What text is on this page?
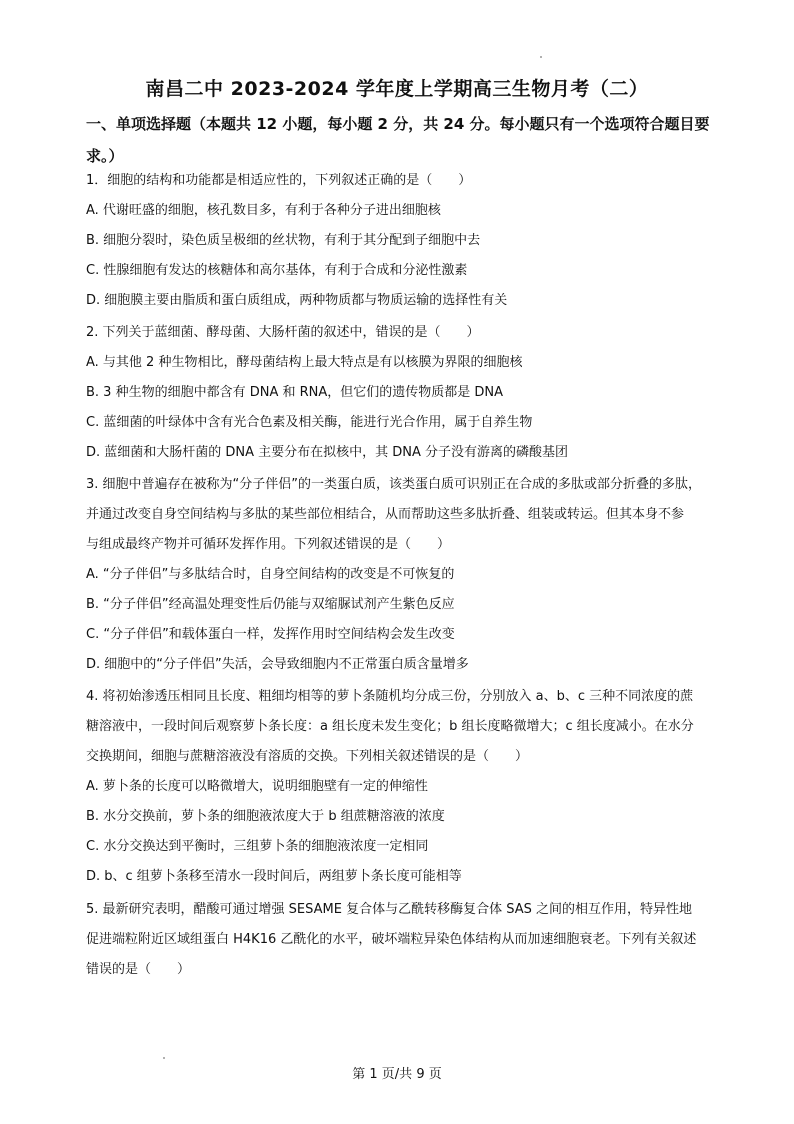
南昌二中 2023-2024 学年度上学期高三生物月考（二）
一、单项选择题（本题共 12 小题，每小题 2 分，共 24 分。每小题只有一个选项符合题目要
求。）
1．细胞的结构和功能都是相适应性的，下列叙述正确的是（　　）
A. 代谢旺盛的细胞，核孔数目多，有利于各种分子进出细胞核
B. 细胞分裂时，染色质呈极细的丝状物，有利于其分配到子细胞中去
C. 性腺细胞有发达的核糖体和高尔基体，有利于合成和分泌性激素
D. 细胞膜主要由脂质和蛋白质组成，两种物质都与物质运输的选择性有关
2. 下列关于蓝细菌、酵母菌、大肠杆菌的叙述中，错误的是（　　）
A. 与其他 2 种生物相比，酵母菌结构上最大特点是有以核膜为界限的细胞核
B. 3 种生物的细胞中都含有 DNA 和 RNA，但它们的遗传物质都是 DNA
C. 蓝细菌的叶绿体中含有光合色素及相关酶，能进行光合作用，属于自养生物
D. 蓝细菌和大肠杆菌的 DNA 主要分布在拟核中，其 DNA 分子没有游离的磷酸基团
3. 细胞中普遍存在被称为“分子伴侣”的一类蛋白质，该类蛋白质可识别正在合成的多肽或部分折叠的多肽，
并通过改变自身空间结构与多肽的某些部位相结合，从而帮助这些多肽折叠、组装或转运。但其本身不参
与组成最终产物并可循环发挥作用。下列叙述错误的是（　　）
A. “分子伴侣”与多肽结合时，自身空间结构的改变是不可恢复的
B. “分子伴侣”经高温处理变性后仍能与双缩脲试剂产生紫色反应
C. “分子伴侣”和载体蛋白一样，发挥作用时空间结构会发生改变
D. 细胞中的“分子伴侣”失活，会导致细胞内不正常蛋白质含量增多
4. 将初始渗透压相同且长度、粗细均相等的萝卜条随机均分成三份，分别放入 a、b、c 三种不同浓度的蔗
糖溶液中，一段时间后观察萝卜条长度：a 组长度未发生变化；b 组长度略微增大；c 组长度减小。在水分
交换期间，细胞与蔗糖溶液没有溶质的交换。下列相关叙述错误的是（　　）
A. 萝卜条的长度可以略微增大，说明细胞壁有一定的伸缩性
B. 水分交换前，萝卜条的细胞液浓度大于 b 组蔗糖溶液的浓度
C. 水分交换达到平衡时，三组萝卜条的细胞液浓度一定相同
D. b、c 组萝卜条移至清水一段时间后，两组萝卜条长度可能相等
5. 最新研究表明，醋酸可通过增强 SESAME 复合体与乙酰转移酶复合体 SAS 之间的相互作用，特异性地
促进端粒附近区域组蛋白 H4K16 乙酰化的水平，破坏端粒异染色体结构从而加速细胞衰老。下列有关叙述
错误的是（　　）
第 1 页/共 9 页
